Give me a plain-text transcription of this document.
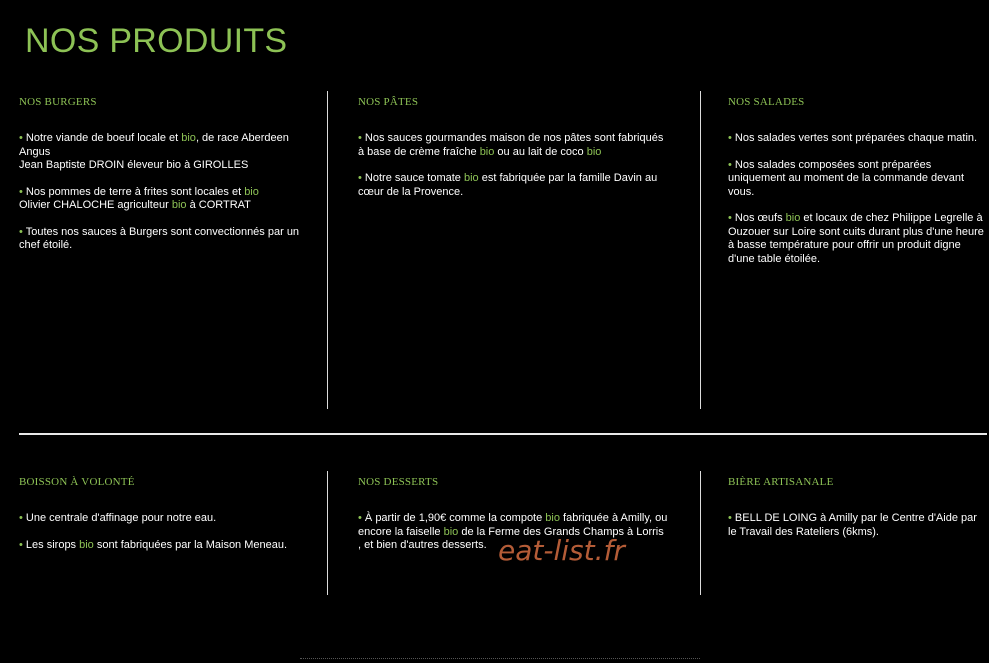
NOS PRODUITS
NOS BURGERS

• Notre viande de boeuf locale et bio, de race Aberdeen Angus
Jean Baptiste DROIN éleveur bio à GIROLLES

• Nos pommes de terre à frites sont locales et bio
Olivier CHALOCHE agriculteur bio à CORTRAT

• Toutes nos sauces à Burgers sont convectionnés par un chef étoilé.

NOS PÂTES

• Nos sauces gourmandes maison de nos pâtes sont fabriqués à base de crème fraîche bio ou au lait de coco bio

• Notre sauce tomate bio est fabriquée par la famille Davin au cœur de la Provence.

NOS SALADES

• Nos salades vertes sont préparées chaque matin.

• Nos salades composées sont préparées uniquement au moment de la commande devant vous.

• Nos œufs bio et locaux de chez Philippe Legrelle à Ouzouer sur Loire sont cuits durant plus d'une heure à basse température pour offrir un produit digne d'une table étoilée.

BOISSON À VOLONTÉ

• Une centrale d'affinage pour notre eau.

• Les sirops bio sont fabriquées par la Maison Meneau.

NOS DESSERTS

• À partir de 1,90€ comme la compote bio fabriquée à Amilly, ou encore la faiselle bio de la Ferme des Grands Champs à Lorris , et bien d'autres desserts.

BIÈRE ARTISANALE

• BELL DE LOING à Amilly par le Centre d'Aide par le Travail des Rateliers (6kms).

eat-list.fr
